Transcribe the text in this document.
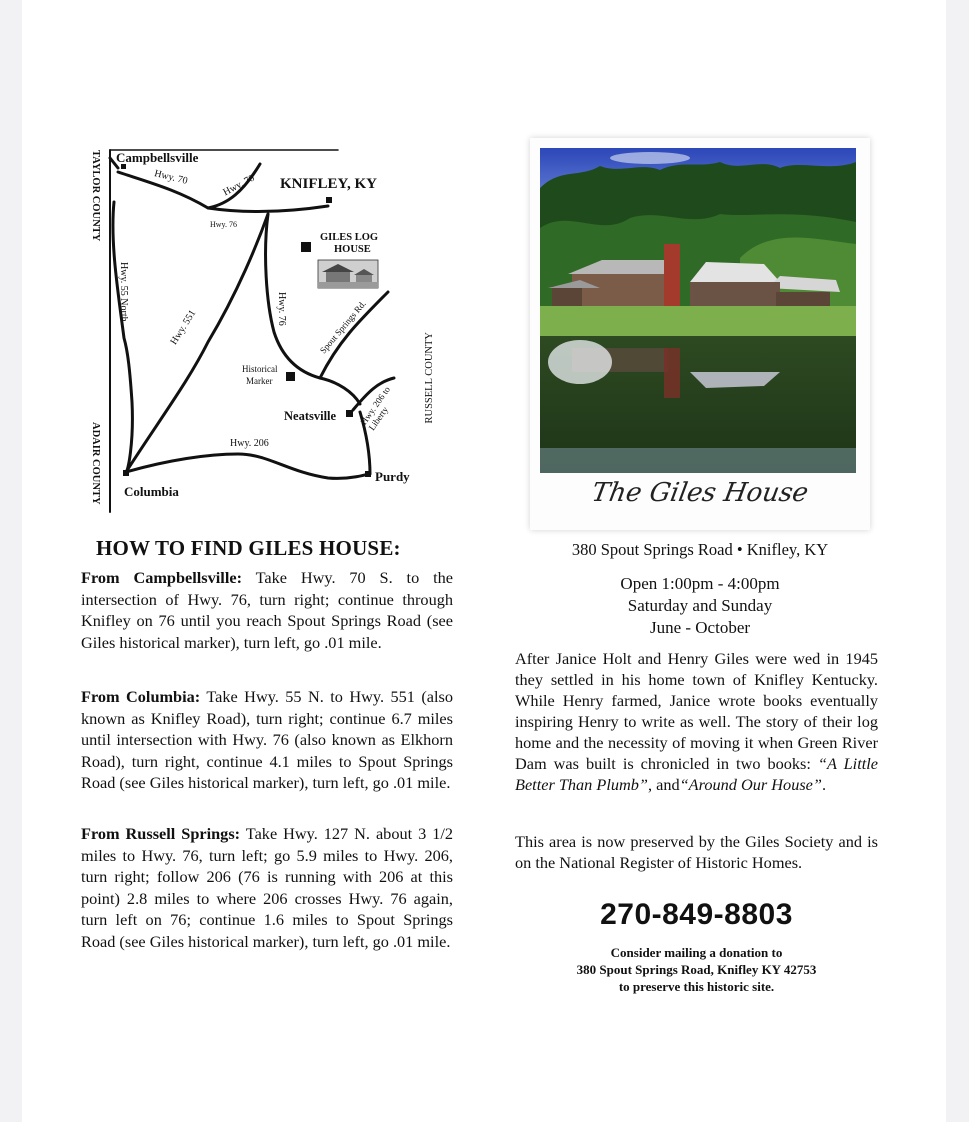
Campbellsville
KNIFLEY, KY
Hwy. 70	Hwy. 70
Hwy. 76
GILES LOG
HOUSE
Hwy. 55 North
Hwy. 551	Hwy. 76	Spout Springs Rd.
Historical
Marker
Neatsville Hwy. 206 to Liberty
Hwy. 206
Purdy
Columbia
TAYLOR COUNTY
ADAIR COUNTY
RUSSELL COUNTY
HOW TO FIND GILES HOUSE:
From Campbellsville: Take Hwy. 70 S. to the intersection of Hwy. 76, turn right; continue through Knifley on 76 until you reach Spout Springs Road (see Giles historical marker), turn left, go .01 mile.
From Columbia: Take Hwy. 55 N. to Hwy. 551 (also known as Knifley Road), turn right; continue 6.7 miles until intersection with Hwy. 76 (also known as Elkhorn Road), turn right, continue 4.1 miles to Spout Springs Road (see Giles historical marker), turn left, go .01 mile.
From Russell Springs: Take Hwy. 127 N. about 3 1/2 miles to Hwy. 76, turn left; go 5.9 miles to Hwy. 206, turn right; follow 206 (76 is running with 206 at this point) 2.8 miles to where 206 crosses Hwy. 76 again, turn left on 76; continue 1.6 miles to Spout Springs Road (see Giles historical marker), turn left, go .01 mile.
The Giles House
380 Spout Springs Road • Knifley, KY
Open 1:00pm - 4:00pm
Saturday and Sunday
June - October
After Janice Holt and Henry Giles were wed in 1945 they settled in his home town of Knifley Kentucky. While Henry farmed, Janice wrote books eventually inspiring Henry to write as well. The story of their log home and the necessity of moving it when Green River Dam was built is chronicled in two books: “A Little Better Than Plumb”, and“Around Our House”.
This area is now preserved by the Giles Society and is on the National Register of Historic Homes.
270-849-8803
Consider mailing a donation to
380 Spout Springs Road, Knifley KY 42753
to preserve this historic site.
